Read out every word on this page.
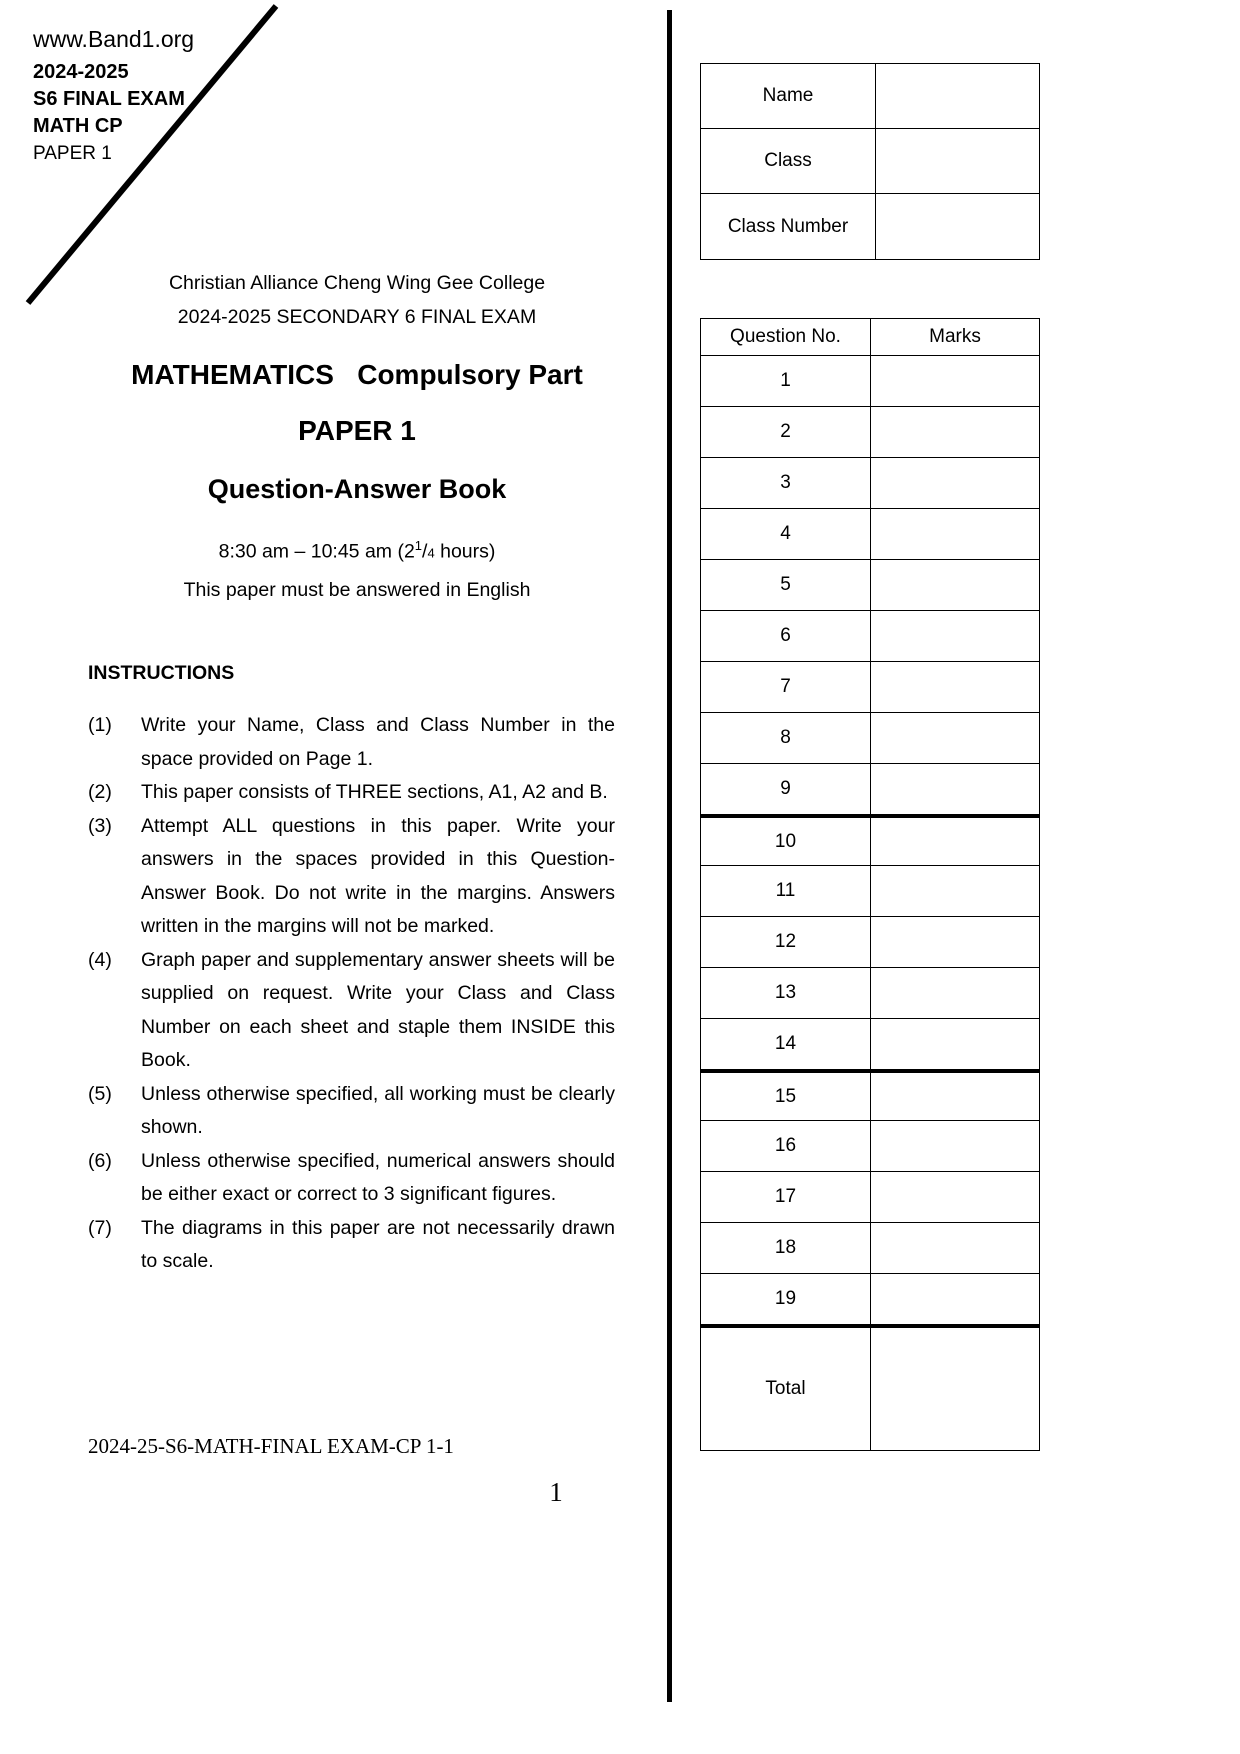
www.Band1.org
2024-2025
S6 FINAL EXAM
MATH CP
PAPER 1
Name
Class
Class Number
Question No.	Marks
1
2
3
4
5
6
7
8
9
10
11
12
13
14
15
16
17
18
19
Total
Christian Alliance Cheng Wing Gee College
2024-2025 SECONDARY 6 FINAL EXAM
MATHEMATICS   Compulsory Part
PAPER 1
Question-Answer Book
8:30 am – 10:45 am ($2^1/4$ hours)
This paper must be answered in English
INSTRUCTIONS
(1)	Write your Name, Class and Class Number in the space provided on Page 1.
(2)	This paper consists of THREE sections, A1, A2 and B.
(3)	Attempt ALL questions in this paper. Write your answers in the spaces provided in this Question-Answer Book. Do not write in the margins. Answers written in the margins will not be marked.
(4)	Graph paper and supplementary answer sheets will be supplied on request. Write your Class and Class Number on each sheet and staple them INSIDE this Book.
(5)	Unless otherwise specified, all working must be clearly shown.
(6)	Unless otherwise specified, numerical answers should be either exact or correct to 3 significant figures.
(7)	The diagrams in this paper are not necessarily drawn to scale.
2024-25-S6-MATH-FINAL EXAM-CP 1-1
1
